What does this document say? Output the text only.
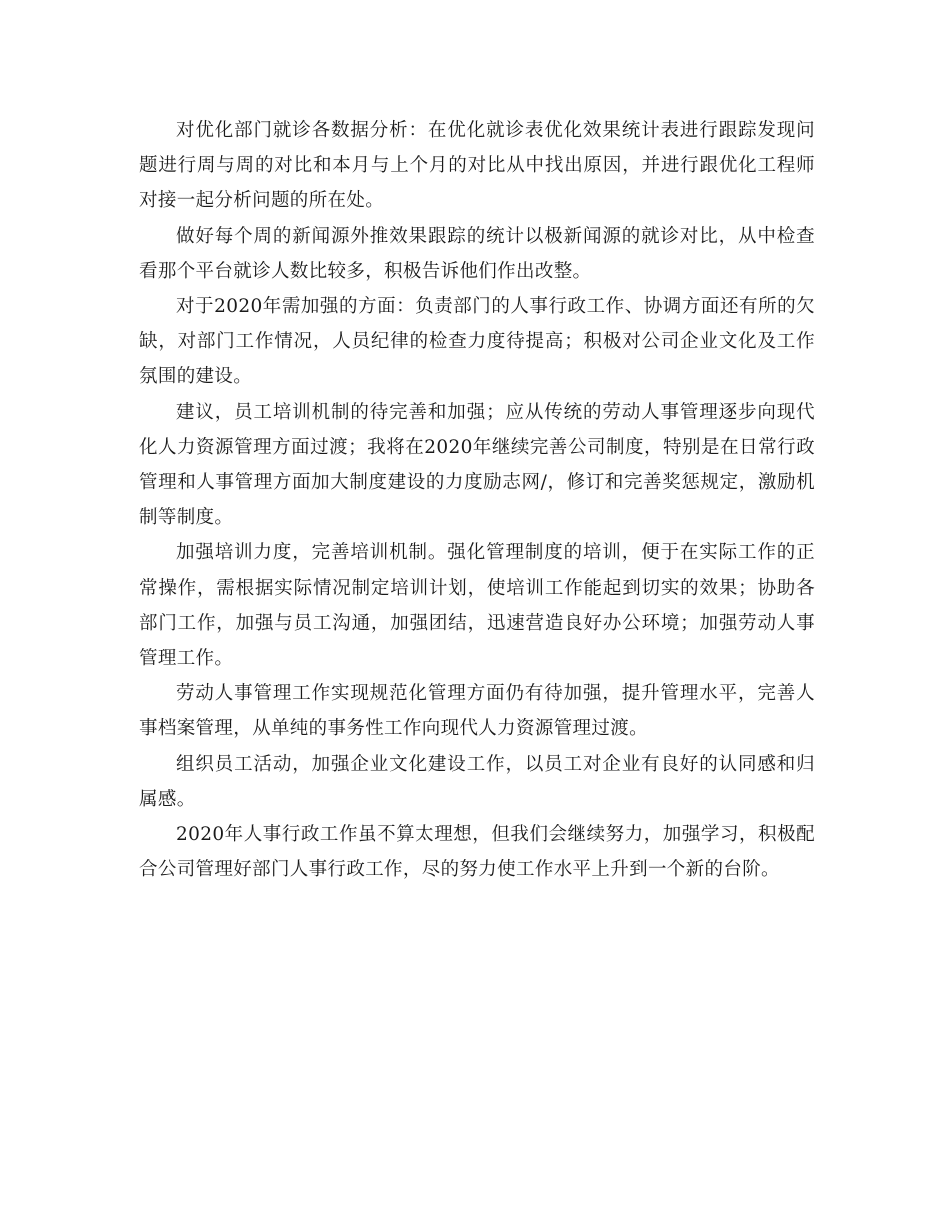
对优化部门就诊各数据分析：在优化就诊表优化效果统计表进行跟踪发现问题进行周与周的对比和本月与上个月的对比从中找出原因，并进行跟优化工程师对接一起分析问题的所在处。

做好每个周的新闻源外推效果跟踪的统计以极新闻源的就诊对比，从中检查看那个平台就诊人数比较多，积极告诉他们作出改整。

对于2020年需加强的方面：负责部门的人事行政工作、协调方面还有所的欠缺，对部门工作情况，人员纪律的检查力度待提高；积极对公司企业文化及工作氛围的建设。

建议，员工培训机制的待完善和加强；应从传统的劳动人事管理逐步向现代化人力资源管理方面过渡；我将在2020年继续完善公司制度，特别是在日常行政管理和人事管理方面加大制度建设的力度励志网/，修订和完善奖惩规定，激励机制等制度。

加强培训力度，完善培训机制。强化管理制度的培训，便于在实际工作的正常操作，需根据实际情况制定培训计划，使培训工作能起到切实的效果；协助各部门工作，加强与员工沟通，加强团结，迅速营造良好办公环境；加强劳动人事管理工作。

劳动人事管理工作实现规范化管理方面仍有待加强，提升管理水平，完善人事档案管理，从单纯的事务性工作向现代人力资源管理过渡。

组织员工活动，加强企业文化建设工作，以员工对企业有良好的认同感和归属感。

2020年人事行政工作虽不算太理想，但我们会继续努力，加强学习，积极配合公司管理好部门人事行政工作，尽的努力使工作水平上升到一个新的台阶。
